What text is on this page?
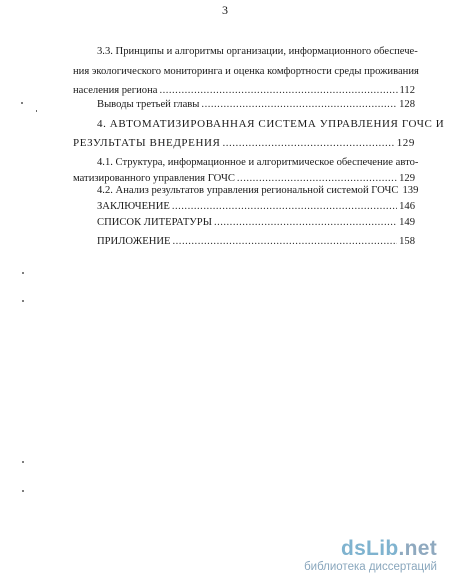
3
3.3. Принципы и алгоритмы организации, информационного обеспече-
ния экологического мониторинга и оценка комфортности среды проживания
населения региона .....	112
Выводы третьей главы .....	128
4. АВТОМАТИЗИРОВАННАЯ СИСТЕМА УПРАВЛЕНИЯ ГОЧС И
РЕЗУЛЬТАТЫ ВНЕДРЕНИЯ .....	129
4.1. Структура, информационное и алгоритмическое обеспечение авто-
матизированного управления ГОЧС .....	129
4.2. Анализ результатов управления региональной системой ГОЧС 139
ЗАКЛЮЧЕНИЕ .....	146
СПИСОК ЛИТЕРАТУРЫ .....	149
ПРИЛОЖЕНИЕ .....	158
dsLib.net
библиотека диссертаций
